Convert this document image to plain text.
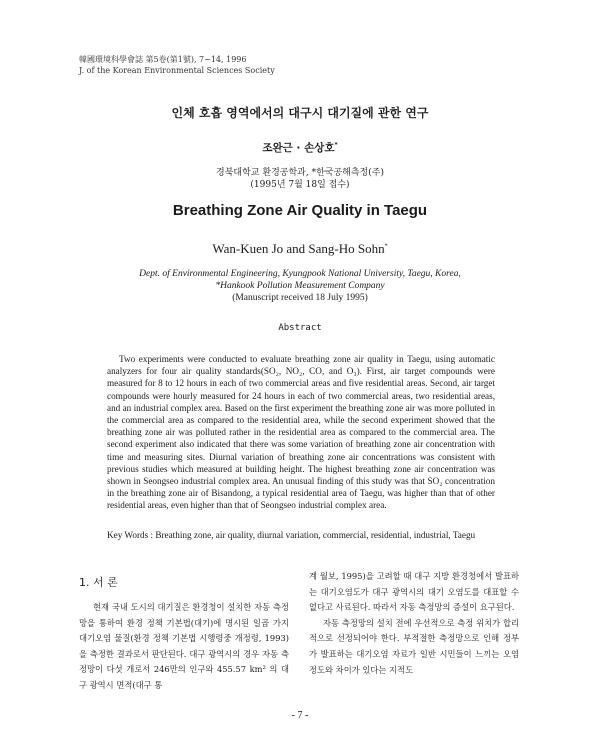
韓國環境科學會誌 第5卷(第1號), 7~14, 1996
J. of the Korean Environmental Sciences Society
인체 호흡 영역에서의 대구시 대기질에 관한 연구
조완근 · 손상호*
경북대학교 환경공학과, *한국공해측정(주)
(1995년 7월 18일 접수)
Breathing Zone Air Quality in Taegu
Wan-Kuen Jo and Sang-Ho Sohn*
Dept. of Environmental Engineering, Kyungpook National University, Taegu, Korea,
*Hankook Pollution Measurement Company
(Manuscript received 18 July 1995)
Abstract

Two experiments were conducted to evaluate breathing zone air quality in Taegu, using automatic analyzers for four air quality standards(SO₂, NO₂, CO, and O₃). First, air target compounds were measured for 8 to 12 hours in each of two commercial areas and five residential areas. Second, air target compounds were hourly measured for 24 hours in each of two commercial areas, two residential areas, and an industrial complex area. Based on the first experiment the breathing zone air was more polluted in the commercial area as compared to the residential area, while the second experiment showed that the breathing zone air was polluted rather in the residential area as compared to the commercial area. The second experiment also indicated that there was some variation of breathing zone air concentration with time and measuring sites. Diurnal variation of breathing zone air concentrations was consistent with previous studies which measured at building height. The highest breathing zone air concentration was shown in Seongseo industrial complex area. An unusual finding of this study was that SO₂ concentration in the breathing zone air of Bisandong, a typical residential area of Taegu, was higher than that of other residential areas, even higher than that of Seongseo industrial complex area.

Key Words : Breathing zone, air quality, diurnal variation, commercial, residential, industrial, Taegu
1. 서 론

현재 국내 도시의 대기질은 환경청이 설치한 자동 측정망을 통하여 환경 정책 기본법(대기)에 명시된 일곱 가지 대기오염 물질(환경 정책 기본법 시행령중 개정령, 1993)을 측정한 결과로서 판단된다. 대구 광역시의 경우 자동 측정망이 다섯 개로서 246만의 인구와 455.57 km² 의 대구 광역시 면적(대구 통

계 월보, 1995)을 고려할 때 대구 지방 환경청에서 발표하는 대기오염도가 대구 광역시의 대기 오염도를 대표할 수 없다고 사료된다. 따라서 자동 측정망의 증설이 요구된다.
자동 측정망의 설치 전에 우선적으로 측정 위치가 합리적으로 선정되어야 한다. 부적절한 측정망으로 인해 정부가 발표하는 대기오염 자료가 일반 시민들이 느끼는 오염 정도와 차이가 있다는 지적도
- 7 -
